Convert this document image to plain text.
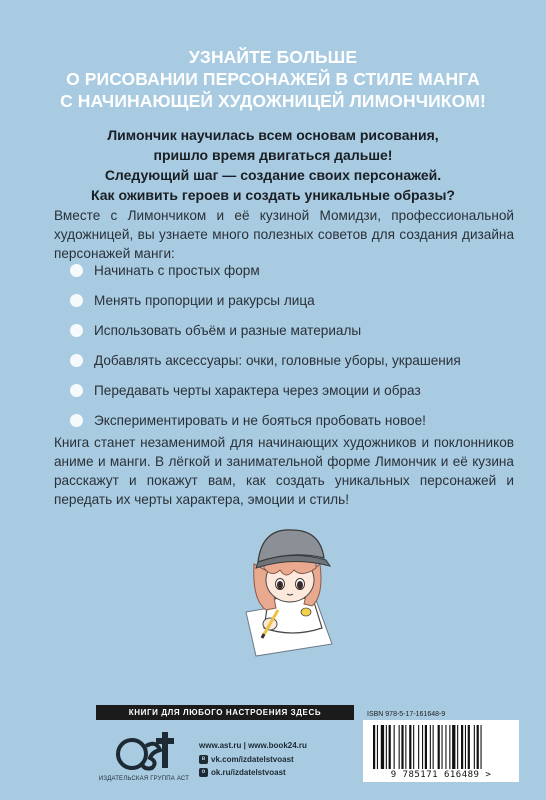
УЗНАЙТЕ БОЛЬШЕ
О РИСОВАНИИ ПЕРСОНАЖЕЙ В СТИЛЕ МАНГА
С НАЧИНАЮЩЕЙ ХУДОЖНИЦЕЙ ЛИМОНЧИКОМ!
Лимончик научилась всем основам рисования,
пришло время двигаться дальше!
Следующий шаг — создание своих персонажей.
Как оживить героев и создать уникальные образы?
Вместе с Лимончиком и её кузиной Момидзи, профессиональной художницей, вы узнаете много полезных советов для создания дизайна персонажей манги:
Начинать с простых форм
Менять пропорции и ракурсы лица
Использовать объём и разные материалы
Добавлять аксессуары: очки, головные уборы, украшения
Передавать черты характера через эмоции и образ
Экспериментировать и не бояться пробовать новое!
Книга станет незаменимой для начинающих художников и поклонников аниме и манги. В лёгкой и занимательной форме Лимончик и её кузина расскажут и покажут вам, как создать уникальных персонажей и передать их черты характера, эмоции и стиль!
КНИГИ ДЛЯ ЛЮБОГО НАСТРОЕНИЯ ЗДЕСЬ
ИЗДАТЕЛЬСКАЯ ГРУППА АСТ
www.ast.ru | www.book24.ru
в vk.com/izdatelstvoast
о ok.ru/izdatelstvoast
ISBN 978-5-17-161648-9
9 785171 616489 >
